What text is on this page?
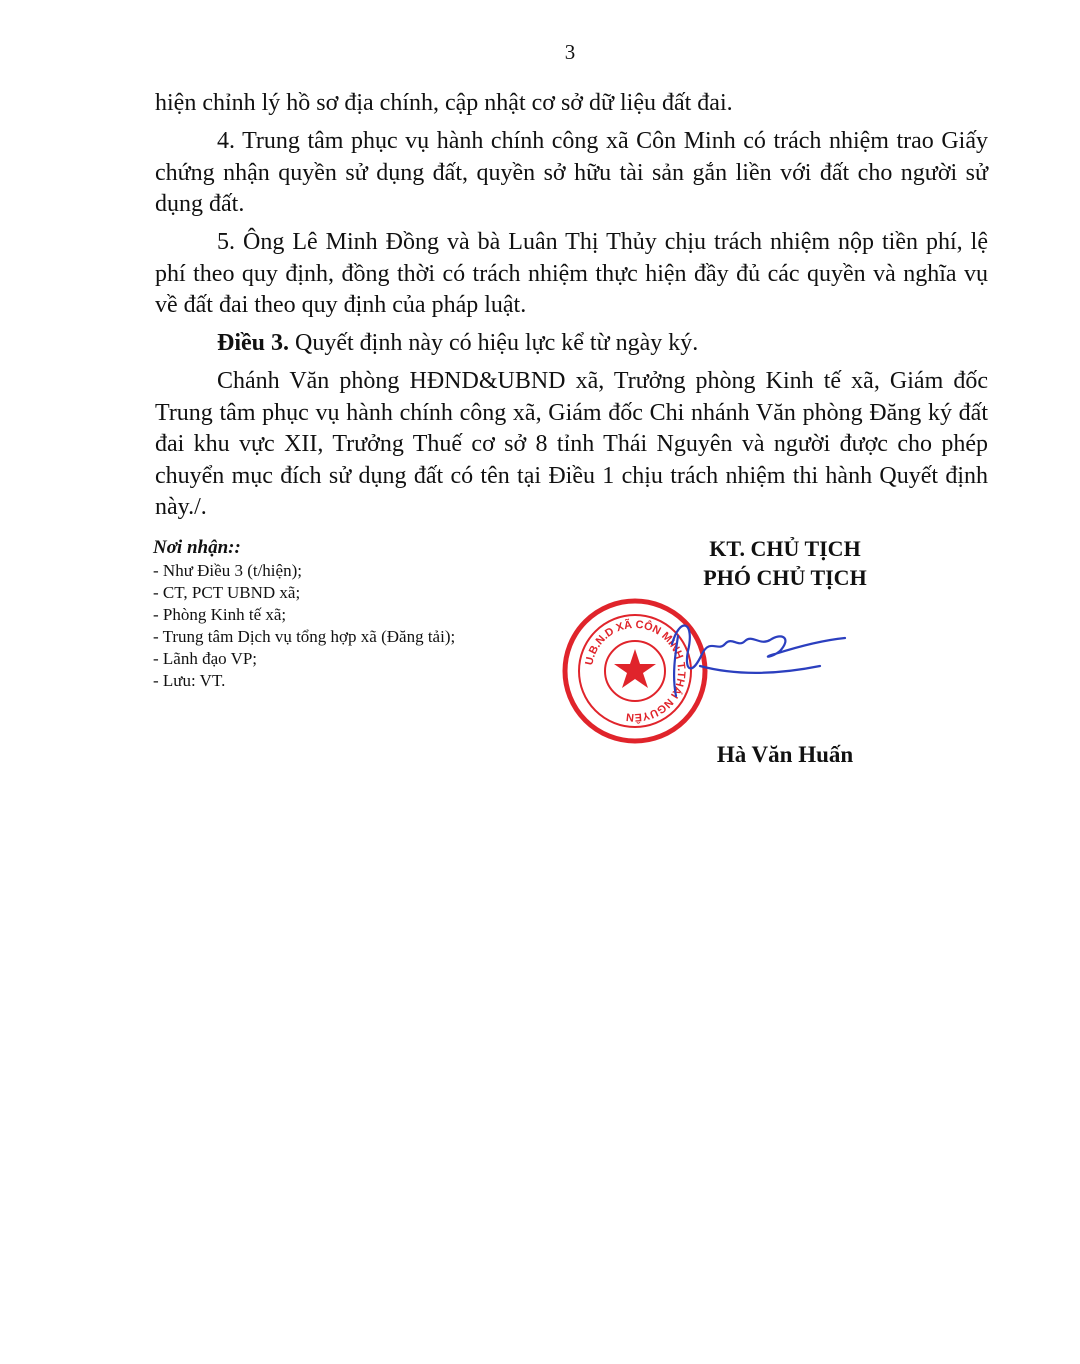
3

hiện chỉnh lý hồ sơ địa chính, cập nhật cơ sở dữ liệu đất đai.

4. Trung tâm phục vụ hành chính công xã Côn Minh có trách nhiệm trao Giấy chứng nhận quyền sử dụng đất, quyền sở hữu tài sản gắn liền với đất cho người sử dụng đất.

5. Ông Lê Minh Đồng và bà Luân Thị Thủy chịu trách nhiệm nộp tiền phí, lệ phí theo quy định, đồng thời có trách nhiệm thực hiện đầy đủ các quyền và nghĩa vụ về đất đai theo quy định của pháp luật.

Điều 3. Quyết định này có hiệu lực kể từ ngày ký.

Chánh Văn phòng HĐND&UBND xã, Trưởng phòng Kinh tế xã, Giám đốc Trung tâm phục vụ hành chính công xã, Giám đốc Chi nhánh Văn phòng Đăng ký đất đai khu vực XII, Trưởng Thuế cơ sở 8 tỉnh Thái Nguyên và người được cho phép chuyển mục đích sử dụng đất có tên tại Điều 1 chịu trách nhiệm thi hành Quyết định này./.

Nơi nhận::
- Như Điều 3 (t/hiện);
- CT, PCT UBND xã;
- Phòng Kinh tế xã;
- Trung tâm Dịch vụ tổng hợp xã (Đăng tải);
- Lãnh đạo VP;
- Lưu: VT.
KT. CHỦ TỊCH
PHÓ CHỦ TỊCH
U.B.N.D XÃ CÔN MINH T.THÁI NGUYÊN
Hà Văn Huấn
